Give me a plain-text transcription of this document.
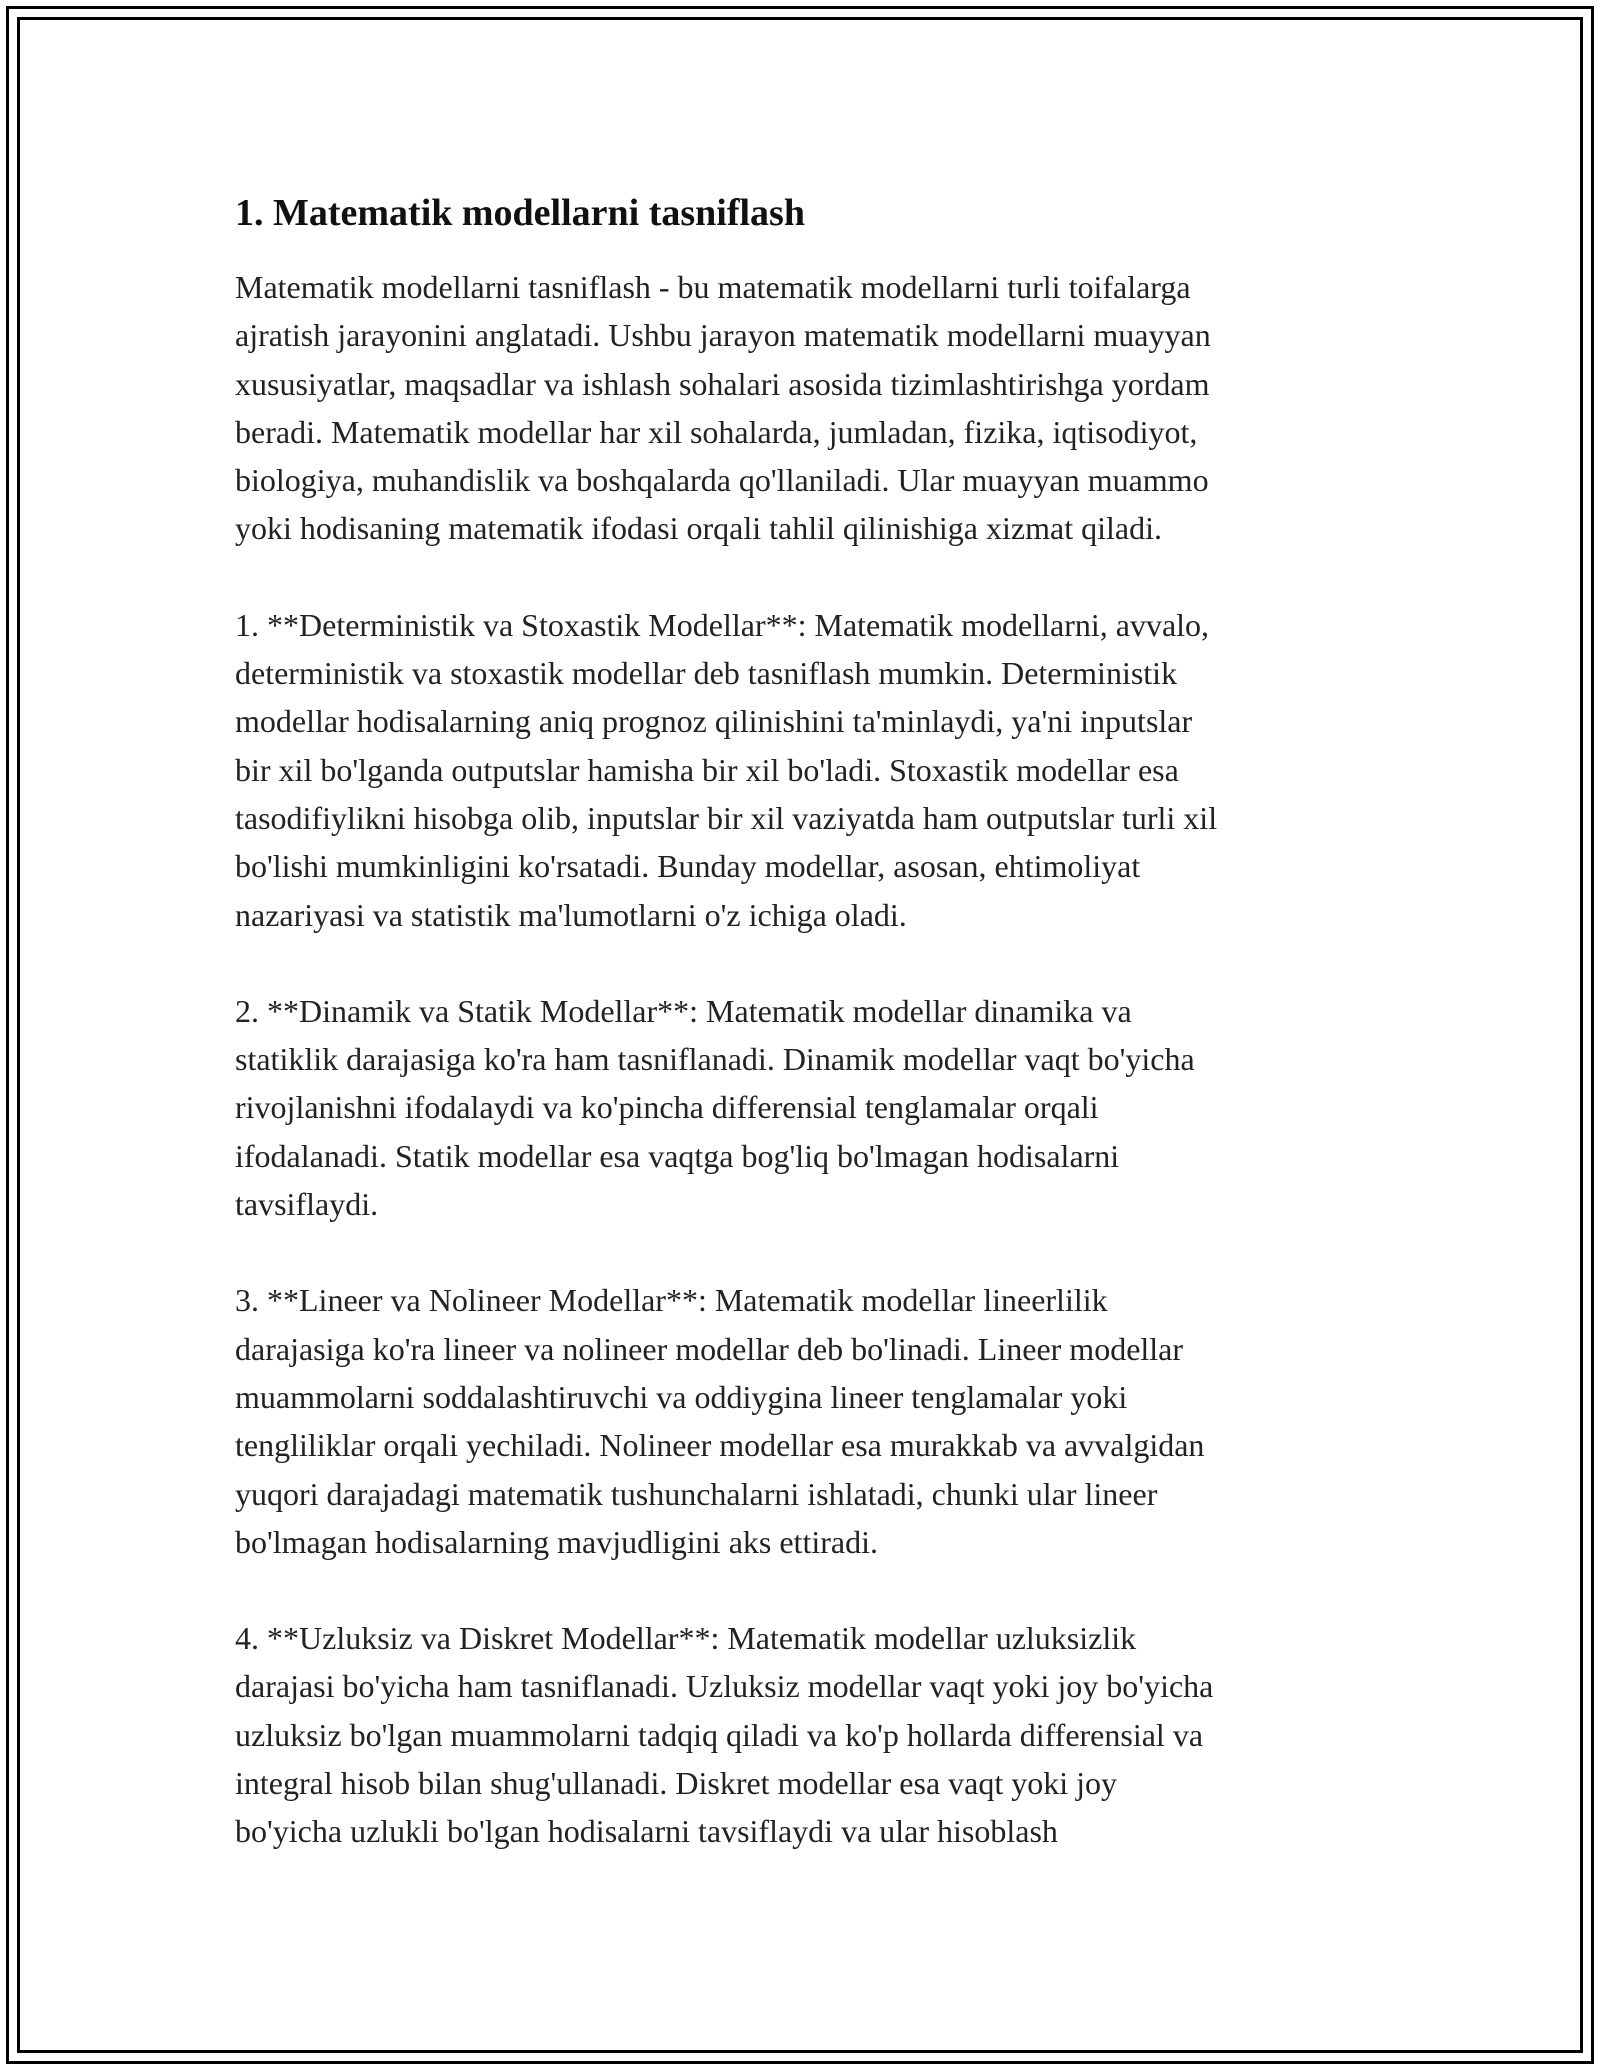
1. Matematik modellarni tasniflash

Matematik modellarni tasniflash - bu matematik modellarni turli toifalarga
ajratish jarayonini anglatadi. Ushbu jarayon matematik modellarni muayyan
xususiyatlar, maqsadlar va ishlash sohalari asosida tizimlashtirishga yordam
beradi. Matematik modellar har xil sohalarda, jumladan, fizika, iqtisodiyot,
biologiya, muhandislik va boshqalarda qo'llaniladi. Ular muayyan muammo
yoki hodisaning matematik ifodasi orqali tahlil qilinishiga xizmat qiladi.

1. **Deterministik va Stoxastik Modellar**: Matematik modellarni, avvalo,
deterministik va stoxastik modellar deb tasniflash mumkin. Deterministik
modellar hodisalarning aniq prognoz qilinishini ta'minlaydi, ya'ni inputslar
bir xil bo'lganda outputslar hamisha bir xil bo'ladi. Stoxastik modellar esa
tasodifiylikni hisobga olib, inputslar bir xil vaziyatda ham outputslar turli xil
bo'lishi mumkinligini ko'rsatadi. Bunday modellar, asosan, ehtimoliyat
nazariyasi va statistik ma'lumotlarni o'z ichiga oladi.

2. **Dinamik va Statik Modellar**: Matematik modellar dinamika va
statiklik darajasiga ko'ra ham tasniflanadi. Dinamik modellar vaqt bo'yicha
rivojlanishni ifodalaydi va ko'pincha differensial tenglamalar orqali
ifodalanadi. Statik modellar esa vaqtga bog'liq bo'lmagan hodisalarni
tavsiflaydi.

3. **Lineer va Nolineer Modellar**: Matematik modellar lineerlilik
darajasiga ko'ra lineer va nolineer modellar deb bo'linadi. Lineer modellar
muammolarni soddalashtiruvchi va oddiygina lineer tenglamalar yoki
tengliliklar orqali yechiladi. Nolineer modellar esa murakkab va avvalgidan
yuqori darajadagi matematik tushunchalarni ishlatadi, chunki ular lineer
bo'lmagan hodisalarning mavjudligini aks ettiradi.

4. **Uzluksiz va Diskret Modellar**: Matematik modellar uzluksizlik
darajasi bo'yicha ham tasniflanadi. Uzluksiz modellar vaqt yoki joy bo'yicha
uzluksiz bo'lgan muammolarni tadqiq qiladi va ko'p hollarda differensial va
integral hisob bilan shug'ullanadi. Diskret modellar esa vaqt yoki joy
bo'yicha uzlukli bo'lgan hodisalarni tavsiflaydi va ular hisoblash
